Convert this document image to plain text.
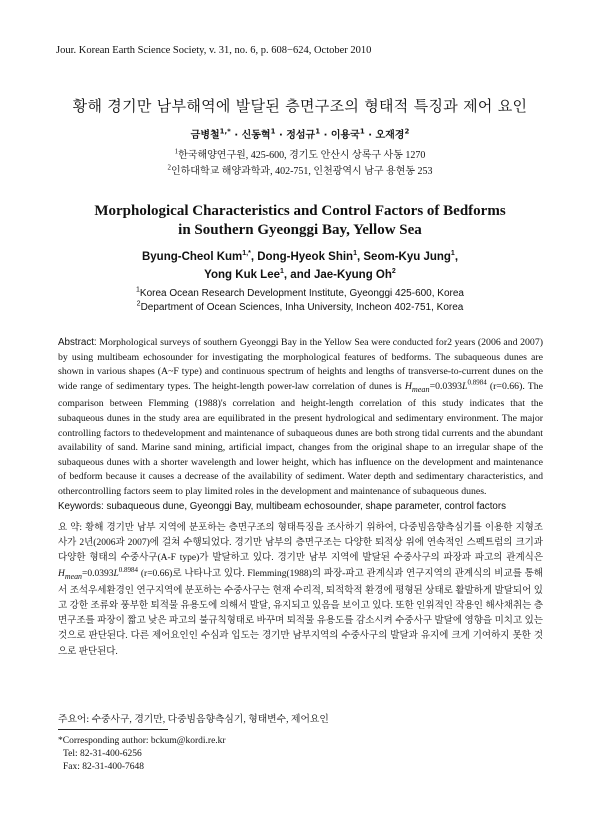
Jour. Korean Earth Science Society, v. 31, no. 6, p. 608−624, October 2010
황해 경기만 남부해역에 발달된 층면구조의 형태적 특징과 제어 요인
금병철$^{1,*}$ · 신동혁$^1$ · 정섬규$^1$ · 이용국$^1$ · 오재경$^2$
$^1$한국해양연구원, 425-600, 경기도 안산시 상록구 사동 1270
$^2$인하대학교 해양과학과, 402-751, 인천광역시 남구 용현동 253
Morphological Characteristics and Control Factors of Bedforms
in Southern Gyeonggi Bay, Yellow Sea
Byung-Cheol Kum$^{1,*}$, Dong-Hyeok Shin$^1$, Seom-Kyu Jung$^1$,
Yong Kuk Lee$^1$, and Jae-Kyung Oh$^2$
$^1$Korea Ocean Research Development Institute, Gyeonggi 425-600, Korea
$^2$Department of Ocean Sciences, Inha University, Incheon 402-751, Korea
Abstract: Morphological surveys of southern Gyeonggi Bay in the Yellow Sea were conducted for2 years (2006 and 2007) by using multibeam echosounder for investigating the morphological features of bedforms. The subaqueous dunes are shown in various shapes (A~F type) and continuous spectrum of heights and lengths of transverse-to-current dunes on the wide range of sedimentary types. The height-length power-law correlation of dunes is $H_{mean}=0.0393L^{0.8984}$ (r=0.66). The comparison between Flemming (1988)'s correlation and height-length correlation of this study indicates that the subaqueous dunes in the study area are equilibrated in the present hydrological and sedimentary environment. The major controlling factors to thedevelopment and maintenance of subaqueous dunes are both strong tidal currents and the abundant availability of sand. Marine sand mining, artificial impact, changes from the original shape to an irregular shape of the subaqueous dunes with a shorter wavelength and lower height, which has influence on the development and maintenance of bedform because it causes a decrease of the availability of sediment. Water depth and sedimentary characteristics, and othercontrolling factors seem to play limited roles in the development and maintenance of subaqueous dunes.
Keywords: subaqueous dune, Gyeonggi Bay, multibeam echosounder, shape parameter, control factors
요 약: 황해 경기만 남부 지역에 분포하는 층면구조의 형태특징을 조사하기 위하여, 다중빔음향측심기를 이용한 지형조사가 2년(2006과 2007)에 걸쳐 수행되었다. 경기만 남부의 층면구조는 다양한 퇴적상 위에 연속적인 스펙트럼의 크기과 다양한 형태의 수중사구(A-F type)가 발달하고 있다. 경기만 남부 지역에 발달된 수중사구의 파장과 파고의 관계식은 $H_{mean}=0.0393L^{0.8984}$ (r=0.66)로 나타나고 있다. Flemming(1988)의 파장-파고 관계식과 연구지역의 관계식의 비교를 통해서 조석우세환경인 연구지역에 분포하는 수중사구는 현재 수리적, 퇴적학적 환경에 평형된 상태로 활발하게 발달되어 있고 강한 조류와 풍부한 퇴적물 유용도에 의해서 발달, 유지되고 있음을 보이고 있다. 또한 인위적인 작용인 해사채취는 층면구조를 파장이 짧고 낮은 파고의 불규칙형태로 바꾸며 퇴적물 유용도를 감소시켜 수중사구 발달에 영향을 미치고 있는 것으로 판단된다. 다른 제어요인인 수심과 입도는 경기만 남부지역의 수중사구의 발달과 유지에 크게 기여하지 못한 것으로 판단된다.
주요어: 수중사구, 경기만, 다중빔음향측심기, 형태변수, 제어요인
*Corresponding author: bckum@kordi.re.kr
Tel: 82-31-400-6256
Fax: 82-31-400-7648
